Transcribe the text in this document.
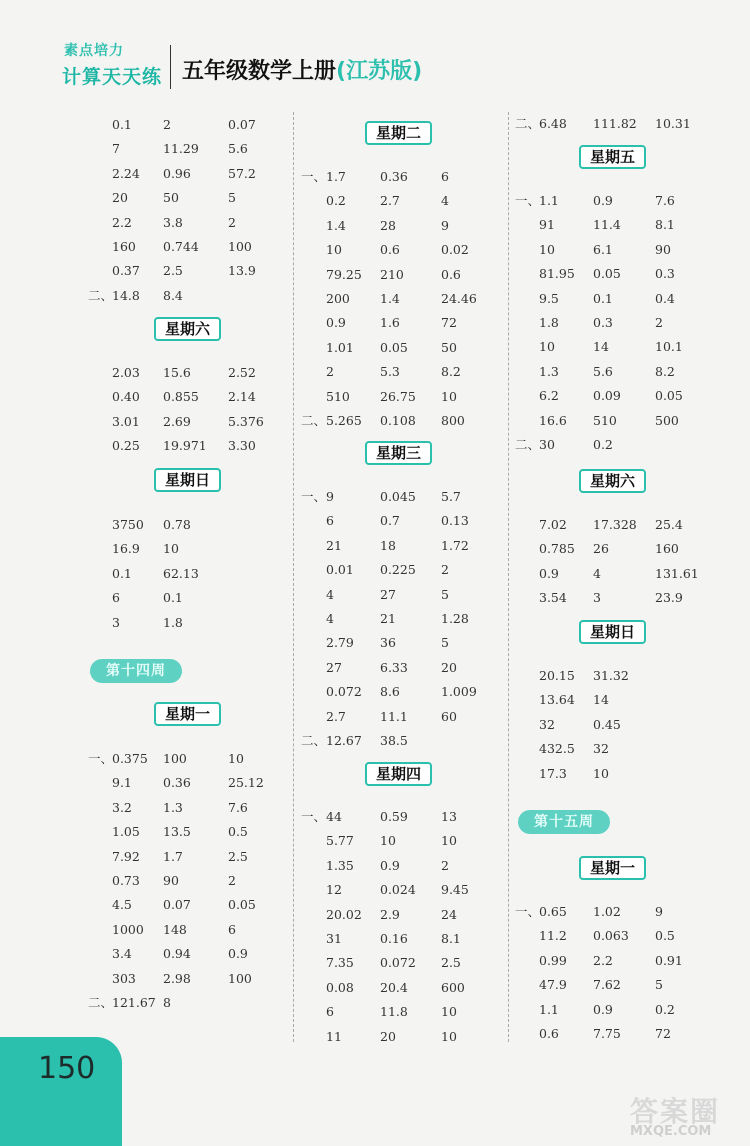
素点培力
计算天天练 五年级数学上册(江苏版)
0.1 2	0.07
7	11.29 5.6
2.24 0.96	57.2
20	50	5
2.2 3.8	2
160 0.744 100
0.37 2.5	13.9
二、
14.8 8.4
星期六
2.03 15.6	2.52
0.40 0.855 2.14
3.01 2.69	5.376
0.25 19.971 3.30
星期日
3750 0.78
16.9 10
0.1 62.13
6	0.1
3	1.8
第十四周
星期一
一、
0.375 100	10
9.1 0.36	25.12
3.2 1.3	7.6
1.05 13.5	0.5
7.92 1.7	2.5
0.73 90	2
4.5 0.07	0.05
1000 148	6
3.4 0.94	0.9
303 2.98	100
二、
121.67 8
星期二
一、 1.7	0.36	6
0.2	2.7	4
1.4	28	9
10	0.6	0.02
79.25 210	0.6
200 1.4	24.46
0.9	1.6	72
1.01 0.05	50
2	5.3	8.2
510 26.75 10
二、 5.265 0.108 800
星期三
一、 9	0.045 5.7
6	0.7	0.13
21	18	1.72
0.01 0.225 2
4	27	5
4	21	1.28
2.79 36	5
27	6.33	20
0.072 8.6	1.009
2.7	11.1	60
二、 12.67 38.5
星期四
一、 44	0.59	13
5.77 10	10
1.35 0.9	2
12	0.024 9.45
20.02 2.9	24
31	0.16	8.1
7.35 0.072 2.5
0.08 20.4	600
6	11.8	10
11	20	10
二、
6.48 111.82 10.31
星期五
一、
1.1	0.9	7.6
91	11.4	8.1
10	6.1	90
81.95 0.05	0.3
9.5	0.1	0.4
1.8	0.3	2
10	14	10.1
1.3	5.6	8.2
6.2	0.09	0.05
16.6 510	500
二、
30	0.2
星期六
7.02 17.328 25.4
0.785 26	160
0.9	4	131.61
3.54 3	23.9
星期日
20.15 31.32
13.64 14
32	0.45
432.5 32
17.3 10
第十五周
星期一
一、
0.65 1.02	9
11.2 0.063 0.5
0.99 2.2	0.91
47.9 7.62	5
1.1	0.9	0.2
0.6	7.75	72
150
答案圈
MXQE.COM
